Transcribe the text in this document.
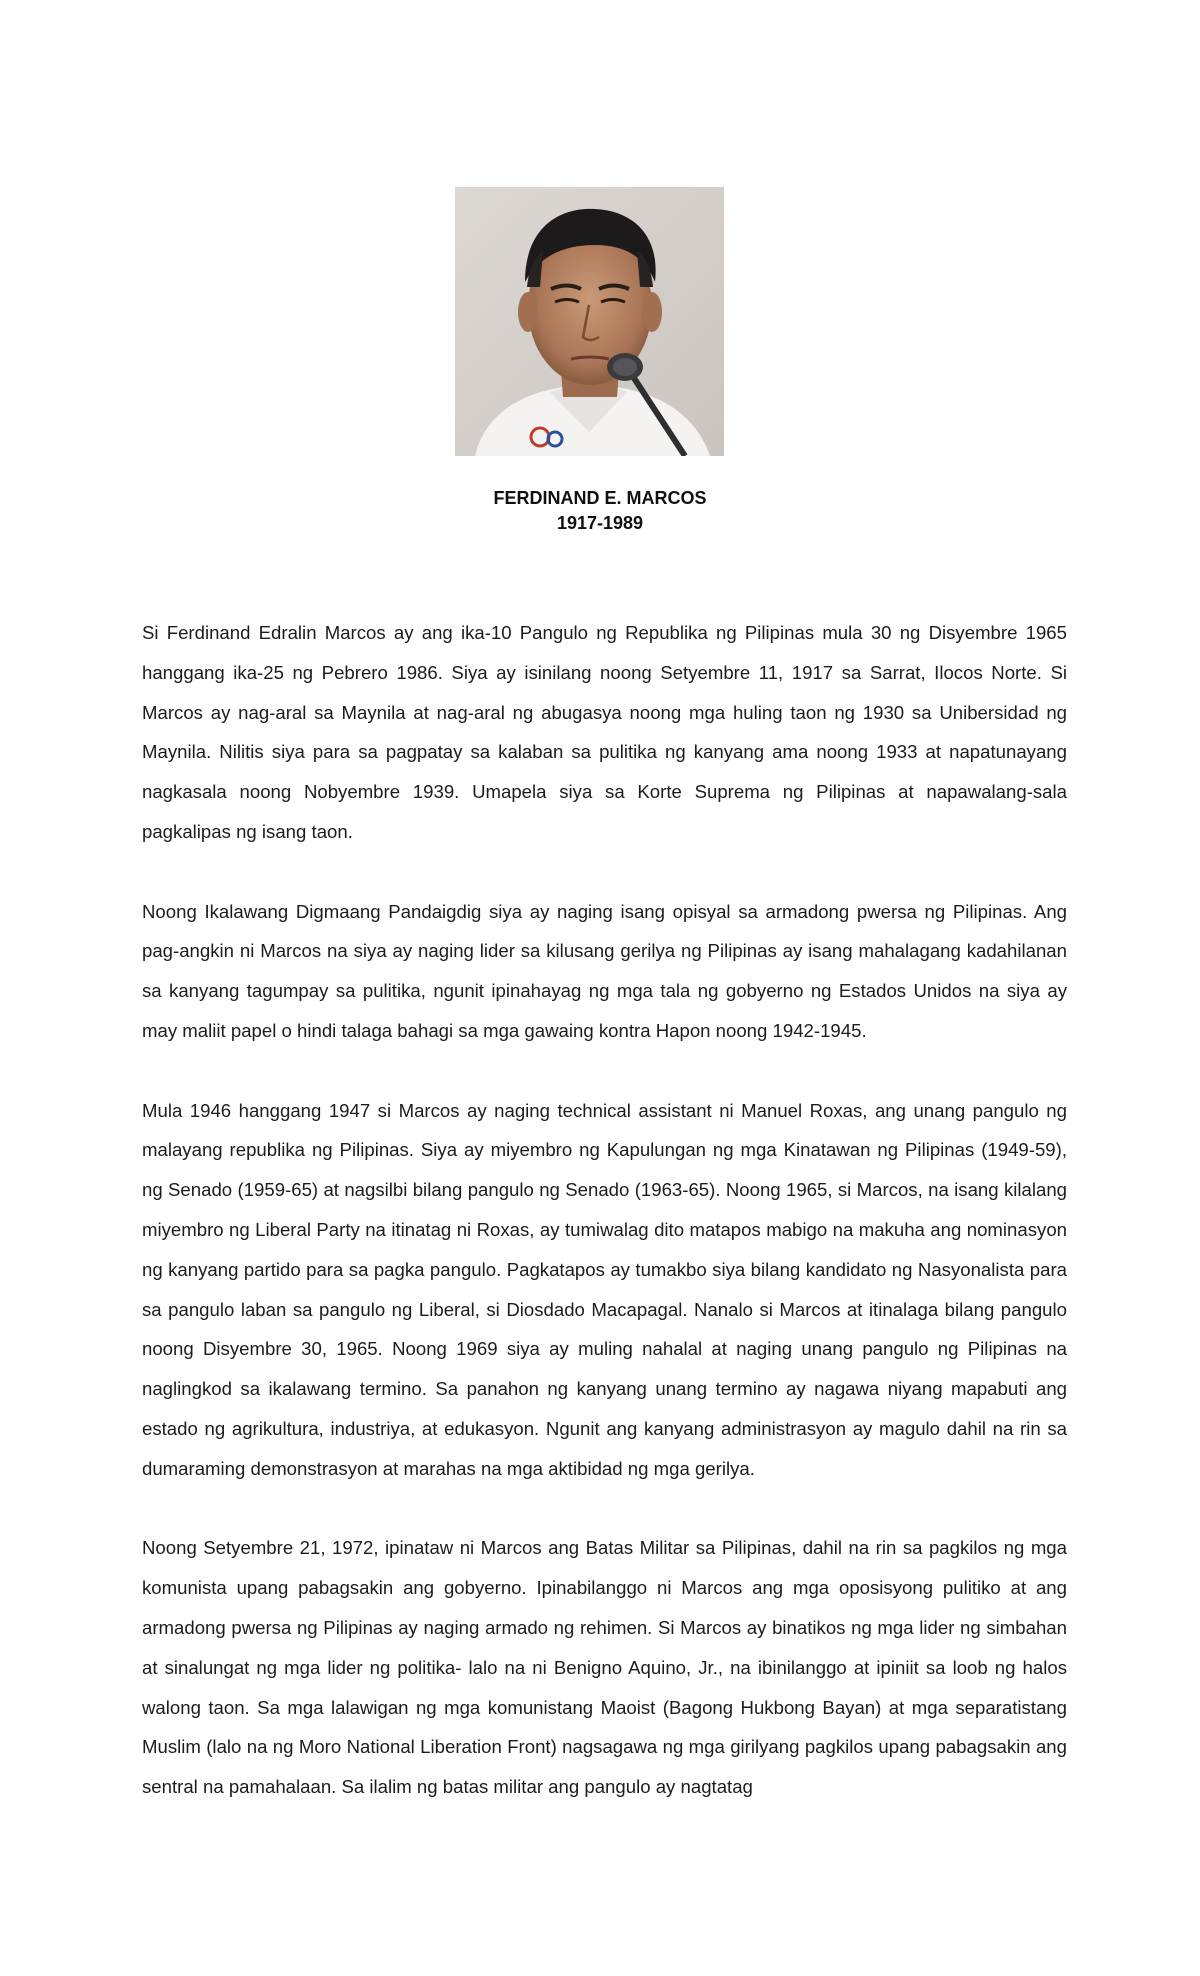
FERDINAND E. MARCOS
1917-1989

Si Ferdinand Edralin Marcos ay ang ika-10 Pangulo ng Republika ng Pilipinas mula 30 ng Disyembre 1965 hanggang ika-25 ng Pebrero 1986. Siya ay isinilang noong Setyembre 11, 1917 sa Sarrat, Ilocos Norte. Si Marcos ay nag-aral sa Maynila at nag-aral ng abugasya noong mga huling taon ng 1930 sa Unibersidad ng Maynila. Nilitis siya para sa pagpatay sa kalaban sa pulitika ng kanyang ama noong 1933 at napatunayang nagkasala noong Nobyembre 1939. Umapela siya sa Korte Suprema ng Pilipinas at napawalang-sala pagkalipas ng isang taon.

Noong Ikalawang Digmaang Pandaigdig siya ay naging isang opisyal sa armadong pwersa ng Pilipinas. Ang pag-angkin ni Marcos na siya ay naging lider sa kilusang gerilya ng Pilipinas ay isang mahalagang kadahilanan sa kanyang tagumpay sa pulitika, ngunit ipinahayag ng mga tala ng gobyerno ng Estados Unidos na siya ay may maliit papel o hindi talaga bahagi sa mga gawaing kontra Hapon noong 1942-1945.

Mula 1946 hanggang 1947 si Marcos ay naging technical assistant ni Manuel Roxas, ang unang pangulo ng malayang republika ng Pilipinas. Siya ay miyembro ng Kapulungan ng mga Kinatawan ng Pilipinas (1949-59), ng Senado (1959-65) at nagsilbi bilang pangulo ng Senado (1963-65). Noong 1965, si Marcos, na isang kilalang miyembro ng Liberal Party na itinatag ni Roxas, ay tumiwalag dito matapos mabigo na makuha ang nominasyon ng kanyang partido para sa pagka pangulo. Pagkatapos ay tumakbo siya bilang kandidato ng Nasyonalista para sa pangulo laban sa pangulo ng Liberal, si Diosdado Macapagal. Nanalo si Marcos at itinalaga bilang pangulo noong Disyembre 30, 1965. Noong 1969 siya ay muling nahalal at naging unang pangulo ng Pilipinas na naglingkod sa ikalawang termino. Sa panahon ng kanyang unang termino ay nagawa niyang mapabuti ang estado ng agrikultura, industriya, at edukasyon. Ngunit ang kanyang administrasyon ay magulo dahil na rin sa dumaraming demonstrasyon at marahas na mga aktibidad ng mga gerilya.

Noong Setyembre 21, 1972, ipinataw ni Marcos ang Batas Militar sa Pilipinas, dahil na rin sa pagkilos ng mga komunista upang pabagsakin ang gobyerno. Ipinabilanggo ni Marcos ang mga oposisyong pulitiko at ang armadong pwersa ng Pilipinas ay naging armado ng rehimen. Si Marcos ay binatikos ng mga lider ng simbahan at sinalungat ng mga lider ng politika- lalo na ni Benigno Aquino, Jr., na ibinilanggo at ipiniit sa loob ng halos walong taon. Sa mga lalawigan ng mga komunistang Maoist (Bagong Hukbong Bayan) at mga separatistang Muslim (lalo na ng Moro National Liberation Front) nagsagawa ng mga girilyang pagkilos upang pabagsakin ang sentral na pamahalaan. Sa ilalim ng batas militar ang pangulo ay nagtatag
